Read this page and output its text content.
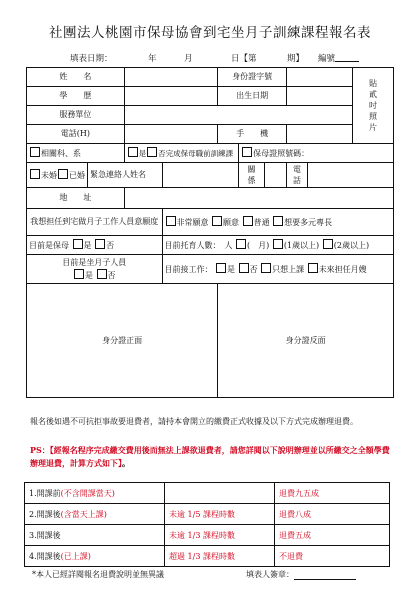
社團法人桃園市保母協會到宅坐月子訓練課程報名表
填表日期：	年	月	日【第	期】 編號
姓　　名				身份證字號					貼貳吋照片

學　　歷				出生日期					
服務單位									
電話(H)				手　　機					
相關科、系		是 否完成保母職前訓練課			保母證照號碼：				
未婚 已婚	緊急連絡人姓名				關係		電話		

地　　址									
我想担任到宅做月子工作人員意願度			非常願意 願意 普通 想要多元專長						
目前是保母 是 否			目前托育人數：　人 (　月) (1歲以上) (2歲以上)						
目前是坐月子人員
是 否			目前接工作： 是 否 只想上課 未來担任月嫂						
身分證正面				身分證反面					
報名後如遇不可抗拒事故要退費者，請持本會開立的繳費正式收據及以下方式完成辦理退費。
PS：【經報名程序完成繳交費用後而無法上課欲退費者，請您詳閱以下說明辦理並以所繳交之全額學費辦理退費，計算方式如下】。
1.開課前(不含開課當天)		退費九五成
2.開課後(含當天上課)	未逾 1/5 課程時數	退費八成
3.開課後	未逾 1/3 課程時數	退費五成
4.開課後(已上課)	超過 1/3 課程時數	不退費
*本人已經詳閱報名退費說明並無異議	填表人簽章：
